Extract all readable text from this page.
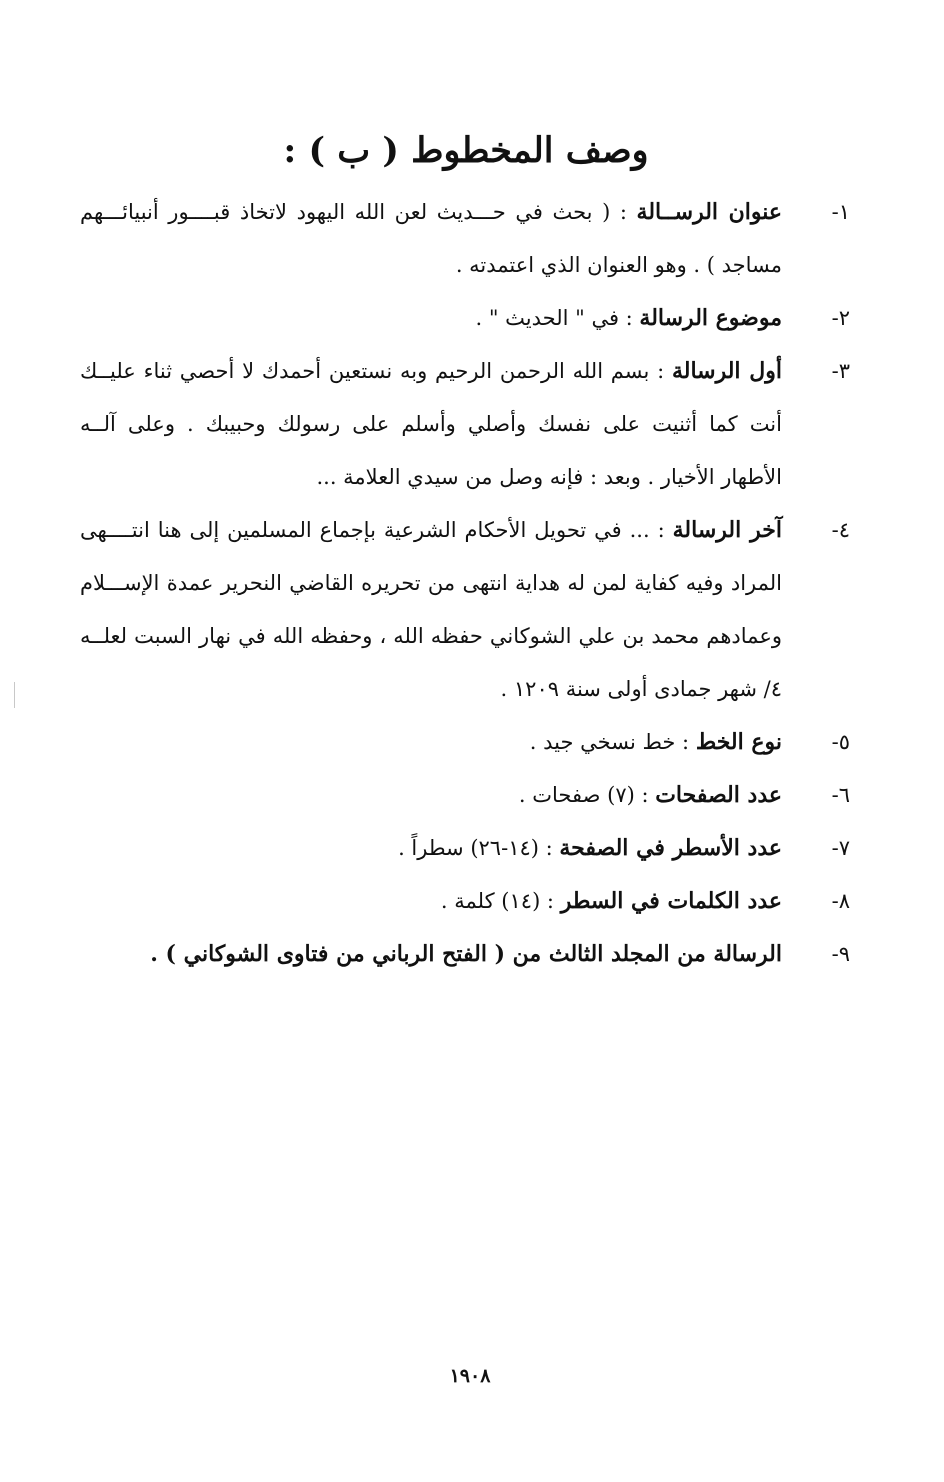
وصف المخطوط ( ب ) :
١-
عنوان الرســالة : ( بحث في حـــديث لعن الله اليهود لاتخاذ قبــــور أنبيائـــهم مساجد ) . وهو العنوان الذي اعتمدته .
٢-
موضوع الرسالة : في " الحديث " .
٣-
أول الرسالة : بسم الله الرحمن الرحيم وبه نستعين أحمدك لا أحصي ثناء عليــك أنت كما أثنيت على نفسك وأصلي وأسلم على رسولك وحبيبك . وعلى آلــه الأطهار الأخيار . وبعد : فإنه وصل من سيدي العلامة ...
٤-
آخر الرسالة : ... في تحويل الأحكام الشرعية بإجماع المسلمين إلى هنا انتــــهى المراد وفيه كفاية لمن له هداية انتهى من تحريره القاضي النحرير عمدة الإســـلام وعمادهم محمد بن علي الشوكاني حفظه الله ، وحفظه الله في نهار السبت لعلــه ٤/ شهر جمادى أولى سنة ١٢٠٩ .
٥-
نوع الخط : خط نسخي جيد .
٦-
عدد الصفحات : (٧) صفحات .
٧-
عدد الأسطر في الصفحة : (١٤-٢٦) سطراً .
٨-
عدد الكلمات في السطر : (١٤) كلمة .
٩-
الرسالة من المجلد الثالث من ( الفتح الرباني من فتاوى الشوكاني ) .
١٩٠٨
